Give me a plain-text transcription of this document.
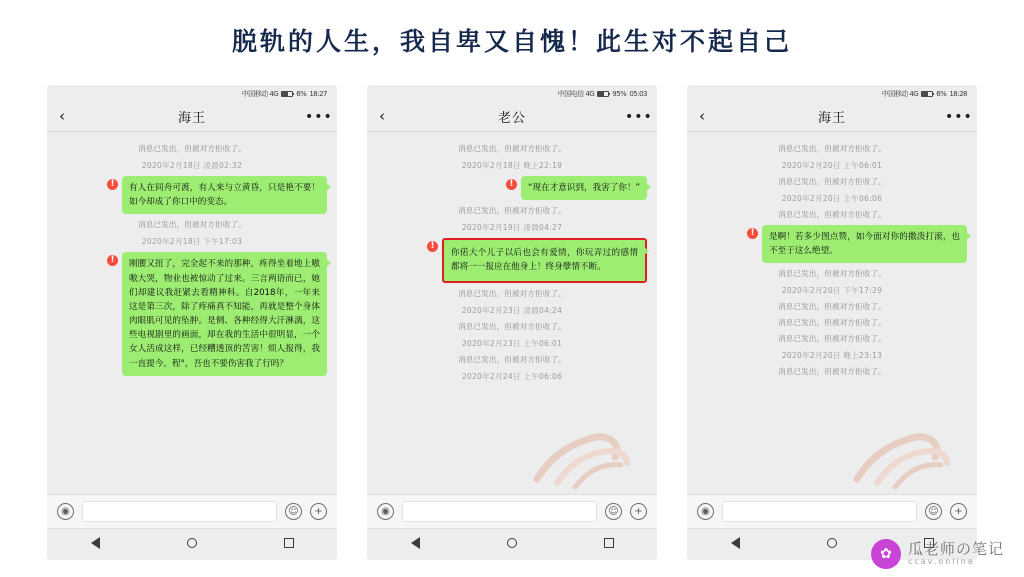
脱轨的人生，我自卑又自愧！此生对不起自己
中国移动 4G	6% 18:27
‹	海王	•••
消息已发出，但被对方拒收了。
2020年2月18日 凌晨02:32
!	有人在同舟可渡，有人来与立黄昏，只是艳不要！如今却成了你口中的变态。
消息已发出，但被对方拒收了。
2020年2月18日 下午17:03
!	刚腰又扭了，完全起不来的那种，疼得坐着地上嗷嗷大哭，物业也被惊动了过来。三言两语而已，她们却建议我赶紧去看精神科。自2018年，一年来这是第三次，除了疼痛真不知能，再就是整个身体肉眼肌可见的坠肿。是侧、各种经得大汗淋漓，这些电视剧里的画面，却在我的生活中很明显，一个女人活成这样，已经糟透顶的苦害！烦人报得，我一直提今。程°，吾也不要伤害我了行吗？
◉	☺	+
中国电信 4G	95% 05:03
‹	老公	•••
消息已发出，但被对方拒收了。
2020年2月18日 晚上22:19
!	“现在才意识到，我害了你！”
消息已发出，但被对方拒收了。
2020年2月19日 凌晨04:27
!
你偌大个儿子以后也会有爱情，你玩弄过的感情都将一一报应在他身上！终身孽情不断。
消息已发出，但被对方拒收了。
2020年2月23日 凌晨04:24
消息已发出，但被对方拒收了。
2020年2月23日 上午06:01
消息已发出，但被对方拒收了。
2020年2月24日 上午06:06
◉	☺	+
中国移动 4G	6% 18:28
‹	海王	•••
消息已发出，但被对方拒收了。
2020年2月20日 上午06:01
消息已发出，但被对方拒收了。
2020年2月20日 上午06:06
消息已发出，但被对方拒收了。
!	是啊！若多少图点赞，如今面对你的撒泼打滚，也不至于这么绝望。
消息已发出，但被对方拒收了。
2020年2月20日 下午17:29
消息已发出，但被对方拒收了。
消息已发出，但被对方拒收了。
消息已发出，但被对方拒收了。
2020年2月20日 晚上23:13
消息已发出，但被对方拒收了。
◉	☺	+
✿	瓜老师の笔记
ccav.online
